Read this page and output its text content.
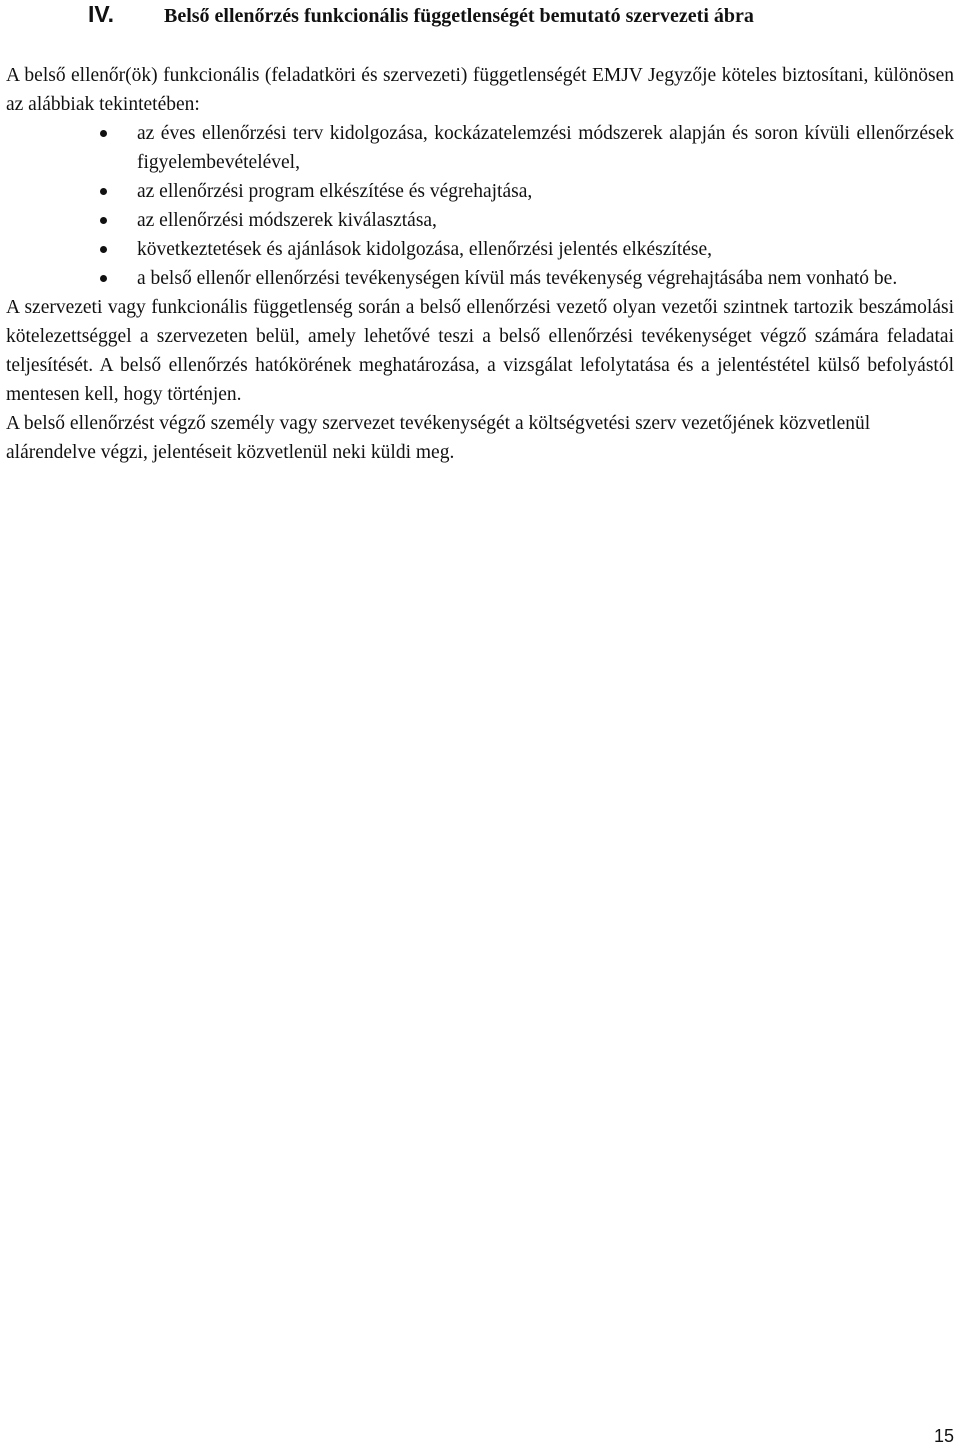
IV. Belső ellenőrzés funkcionális függetlenségét bemutató szervezeti ábra

A belső ellenőr(ök) funkcionális (feladatköri és szervezeti) függetlenségét EMJV Jegyzője köteles biztosítani, különösen az alábbiak tekintetében:

az éves ellenőrzési terv kidolgozása, kockázatelemzési módszerek alapján és soron kívüli ellenőrzések figyelembevételével,
az ellenőrzési program elkészítése és végrehajtása,
az ellenőrzési módszerek kiválasztása,
következtetések és ajánlások kidolgozása, ellenőrzési jelentés elkészítése,
a belső ellenőr ellenőrzési tevékenységen kívül más tevékenység végrehajtásába nem vonható be.

A szervezeti vagy funkcionális függetlenség során a belső ellenőrzési vezető olyan vezetői szintnek tartozik beszámolási kötelezettséggel a szervezeten belül, amely lehetővé teszi a belső ellenőrzési tevékenységet végző számára feladatai teljesítését. A belső ellenőrzés hatókörének meghatározása, a vizsgálat lefolytatása és a jelentéstétel külső befolyástól mentesen kell, hogy történjen.

A belső ellenőrzést végző személy vagy szervezet tevékenységét a költségvetési szerv vezetőjének közvetlenül alárendelve végzi, jelentéseit közvetlenül neki küldi meg.

15
